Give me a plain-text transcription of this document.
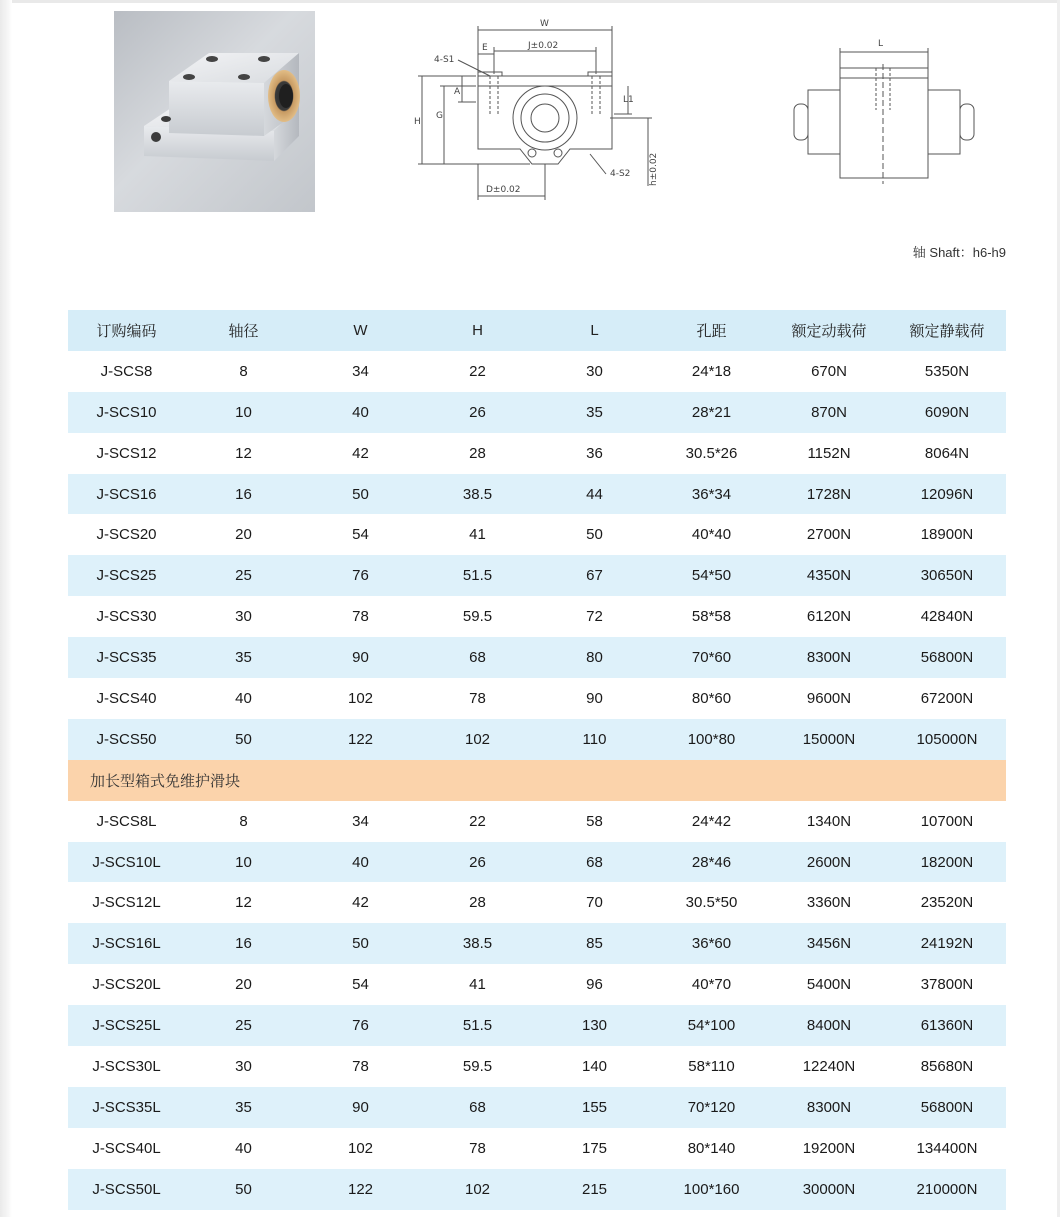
W
J±0.02
4-S1
E
A
L1
H
G
h±0.02
4-S2
D±0.02
L
轴 Shaft：h6-h9
订购编码	轴径	W	H	L	孔距	额定动载荷	额定静载荷
J-SCS8	8	34	22	30	24*18	670N	5350N
J-SCS10	10	40	26	35	28*21	870N	6090N
J-SCS12	12	42	28	36	30.5*26	1152N	8064N
J-SCS16	16	50	38.5	44	36*34	1728N	12096N
J-SCS20	20	54	41	50	40*40	2700N	18900N
J-SCS25	25	76	51.5	67	54*50	4350N	30650N
J-SCS30	30	78	59.5	72	58*58	6120N	42840N
J-SCS35	35	90	68	80	70*60	8300N	56800N
J-SCS40	40	102	78	90	80*60	9600N	67200N
J-SCS50	50	122	102	110	100*80	15000N	105000N
加长型箱式免维护滑块							
J-SCS8L	8	34	22	58	24*42	1340N	10700N
J-SCS10L	10	40	26	68	28*46	2600N	18200N
J-SCS12L	12	42	28	70	30.5*50	3360N	23520N
J-SCS16L	16	50	38.5	85	36*60	3456N	24192N
J-SCS20L	20	54	41	96	40*70	5400N	37800N
J-SCS25L	25	76	51.5	130	54*100	8400N	61360N
J-SCS30L	30	78	59.5	140	58*110	12240N	85680N
J-SCS35L	35	90	68	155	70*120	8300N	56800N
J-SCS40L	40	102	78	175	80*140	19200N	134400N
J-SCS50L	50	122	102	215	100*160	30000N	210000N
